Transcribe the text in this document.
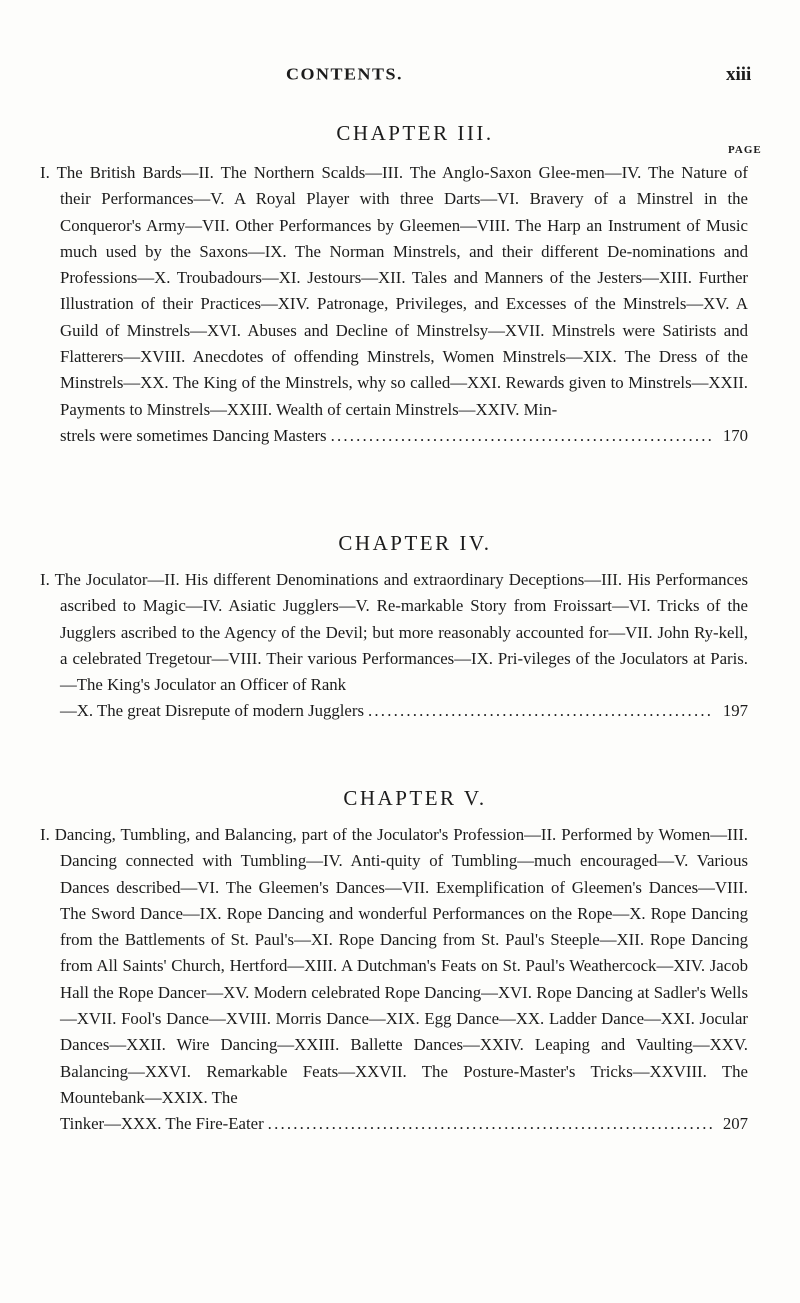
CONTENTS.	xiii
CHAPTER III.
PAGE
I. The British Bards—II. The Northern Scalds—III. The Anglo-Saxon Glee-men—IV. The Nature of their Performances—V. A Royal Player with three Darts—VI. Bravery of a Minstrel in the Conqueror's Army—VII. Other Performances by Gleemen—VIII. The Harp an Instrument of Music much used by the Saxons—IX. The Norman Minstrels, and their different De-nominations and Professions—X. Troubadours—XI. Jestours—XII. Tales and Manners of the Jesters—XIII. Further Illustration of their Practices—XIV. Patronage, Privileges, and Excesses of the Minstrels—XV. A Guild of Minstrels—XVI. Abuses and Decline of Minstrelsy—XVII. Minstrels were Satirists and Flatterers—XVIII. Anecdotes of offending Minstrels, Women Minstrels—XIX. The Dress of the Minstrels—XX. The King of the Minstrels, why so called—XXI. Rewards given to Minstrels—XXII. Payments to Minstrels—XXIII. Wealth of certain Minstrels—XXIV. Min-
strels were sometimes Dancing Masters . . .	170
CHAPTER IV.
I. The Joculator—II. His different Denominations and extraordinary Deceptions—III. His Performances ascribed to Magic—IV. Asiatic Jugglers—V. Re-markable Story from Froissart—VI. Tricks of the Jugglers ascribed to the Agency of the Devil; but more reasonably accounted for—VII. John Ry-kell, a celebrated Tregetour—VIII. Their various Performances—IX. Pri-vileges of the Joculators at Paris.—The King's Joculator an Officer of Rank
—X. The great Disrepute of modern Jugglers . . .	197
CHAPTER V.
I. Dancing, Tumbling, and Balancing, part of the Joculator's Profession—II. Performed by Women—III. Dancing connected with Tumbling—IV. Anti-quity of Tumbling—much encouraged—V. Various Dances described—VI. The Gleemen's Dances—VII. Exemplification of Gleemen's Dances—VIII. The Sword Dance—IX. Rope Dancing and wonderful Performances on the Rope—X. Rope Dancing from the Battlements of St. Paul's—XI. Rope Dancing from St. Paul's Steeple—XII. Rope Dancing from All Saints' Church, Hertford—XIII. A Dutchman's Feats on St. Paul's Weathercock—XIV. Jacob Hall the Rope Dancer—XV. Modern celebrated Rope Dancing—XVI. Rope Dancing at Sadler's Wells—XVII. Fool's Dance—XVIII. Morris Dance—XIX. Egg Dance—XX. Ladder Dance—XXI. Jocular Dances—XXII. Wire Dancing—XXIII. Ballette Dances—XXIV. Leaping and Vaulting—XXV. Balancing—XXVI. Remarkable Feats—XXVII. The Posture-Master's Tricks—XXVIII. The Mountebank—XXIX. The
Tinker—XXX. The Fire-Eater . . .	207
